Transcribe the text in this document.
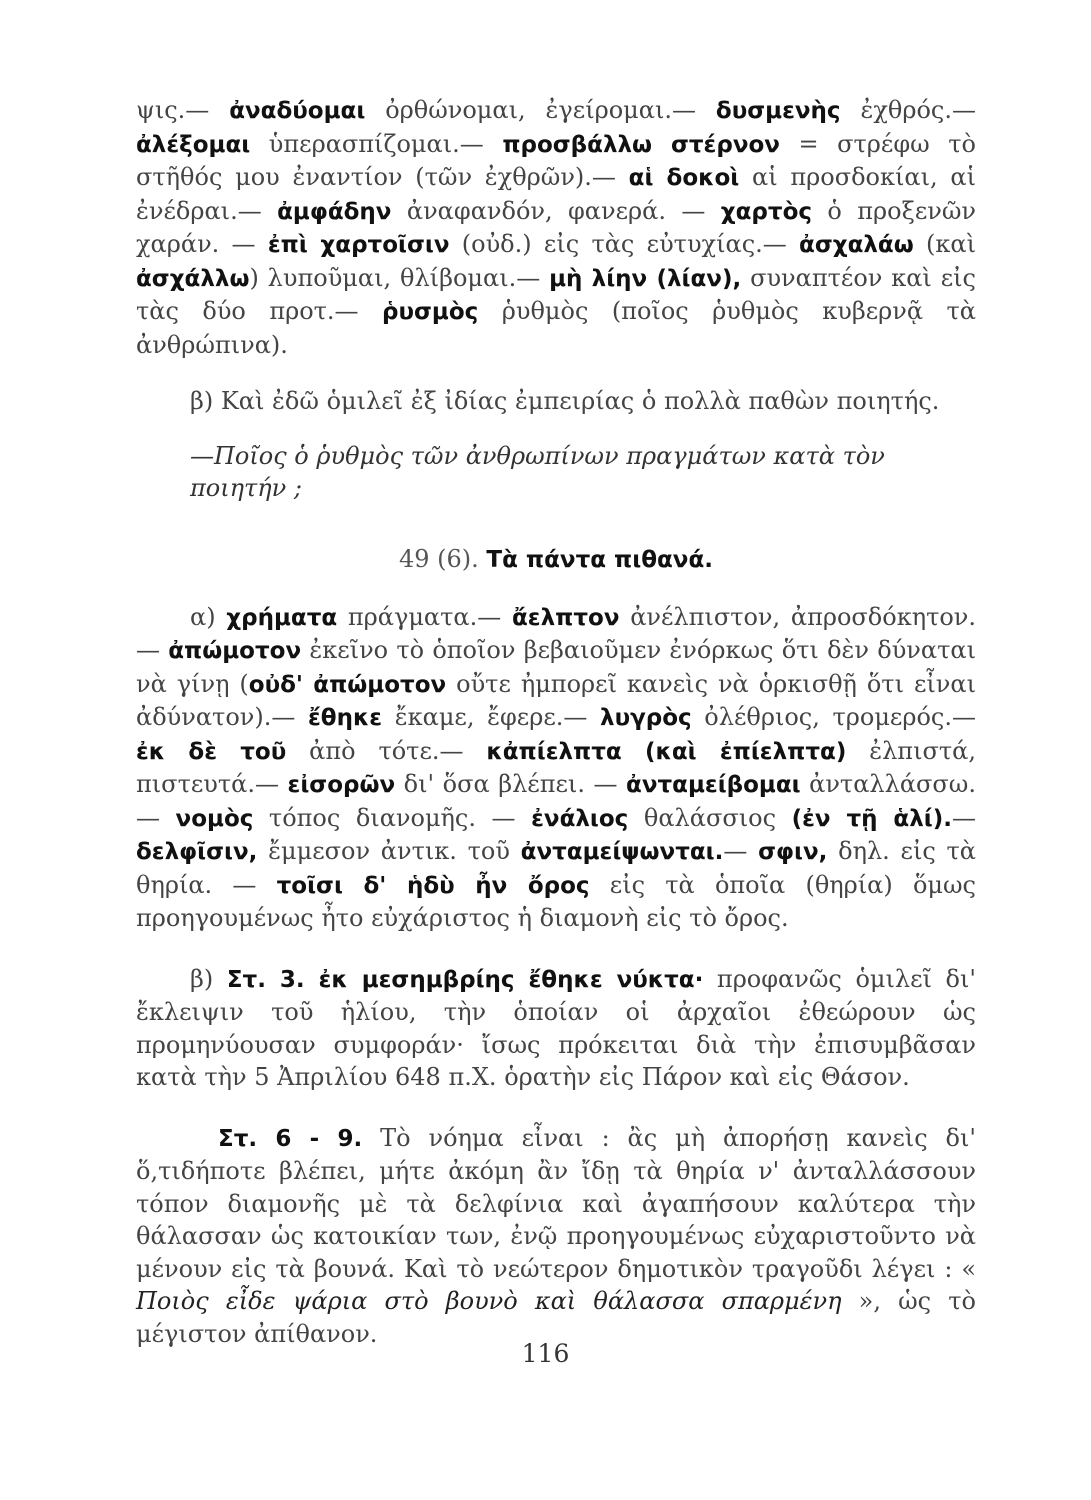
ψις.— ἀναδύομαι ὀρθώνομαι, ἐγείρομαι.— δυσμενὴς ἐχθρός.— ἀλέξομαι ὑπερασπίζομαι.— προσβάλλω στέρνον = στρέφω τὸ στῆθός μου ἐναντίον (τῶν ἐχθρῶν).— αἱ δοκοὶ αἱ προσδοκίαι, αἱ ἐνέδραι.— ἀμφάδην ἀναφανδόν, φανερά. — χαρτὸς ὁ προξενῶν χαράν. — ἐπὶ χαρτοῖσιν (οὐδ.) εἰς τὰς εὐτυχίας.— ἀσχαλάω (καὶ ἀσχάλλω) λυποῦμαι, θλίβομαι.— μὴ λίην (λίαν), συναπτέον καὶ εἰς τὰς δύο προτ.— ῥυσμὸς ῥυθμὸς (ποῖος ῥυθμὸς κυβερνᾷ τὰ ἀνθρώπινα).

β) Καὶ ἐδῶ ὁμιλεῖ ἐξ ἰδίας ἐμπειρίας ὁ πολλὰ παθὼν ποιητής.

—Ποῖος ὁ ῥυθμὸς τῶν ἀνθρωπίνων πραγμάτων κατὰ τὸν ποιητήν ;

49 (6). Τὰ πάντα πιθανά.

α) χρήματα πράγματα.— ἄελπτον ἀνέλπιστον, ἀπροσδόκητον.— ἀπώμοτον ἐκεῖνο τὸ ὁποῖον βεβαιοῦμεν ἐνόρκως ὅτι δὲν δύναται νὰ γίνῃ (οὐδ' ἀπώμοτον οὔτε ἠμπορεῖ κανεὶς νὰ ὁρκισθῇ ὅτι εἶναι ἀδύνατον).— ἔθηκε ἔκαμε, ἔφερε.— λυγρὸς ὀλέθριος, τρομερός.— ἐκ δὲ τοῦ ἀπὸ τότε.— κἀπίελπτα (καὶ ἐπίελπτα) ἐλπιστά, πιστευτά.— εἰσορῶν δι' ὅσα βλέπει. — ἀνταμείβομαι ἀνταλλάσσω. — νομὸς τόπος διανομῆς. — ἐνάλιος θαλάσσιος (ἐν τῇ ἁλί).— δελφῖσιν, ἔμμεσον ἀντικ. τοῦ ἀνταμείψωνται.— σφιν, δηλ. εἰς τὰ θηρία. — τοῖσι δ' ἡδὺ ἦν ὄρος εἰς τὰ ὁποῖα (θηρία) ὅμως προηγουμένως ἦτο εὐχάριστος ἡ διαμονὴ εἰς τὸ ὄρος.

β) Στ. 3. ἐκ μεσημβρίης ἔθηκε νύκτα· προφανῶς ὁμιλεῖ δι' ἔκλειψιν τοῦ ἡλίου, τὴν ὁποίαν οἱ ἀρχαῖοι ἐθεώρουν ὡς προμηνύουσαν συμφοράν· ἴσως πρόκειται διὰ τὴν ἐπισυμβᾶσαν κατὰ τὴν 5 Ἀπριλίου 648 π.Χ. ὁρατὴν εἰς Πάρον καὶ εἰς Θάσον.

Στ. 6 - 9. Τὸ νόημα εἶναι : ἂς μὴ ἀπορήσῃ κανεὶς δι' ὅ,τιδήποτε βλέπει, μήτε ἀκόμη ἂν ἴδῃ τὰ θηρία ν' ἀνταλλάσσουν τόπον διαμονῆς μὲ τὰ δελφίνια καὶ ἀγαπήσουν καλύτερα τὴν θάλασσαν ὡς κατοικίαν των, ἐνῷ προηγουμένως εὐχαριστοῦντο νὰ μένουν εἰς τὰ βουνά. Καὶ τὸ νεώτερον δημοτικὸν τραγοῦδι λέγει : « Ποιὸς εἶδε ψάρια στὸ βουνὸ καὶ θάλασσα σπαρμένη », ὡς τὸ μέγιστον ἀπίθανον.

116
